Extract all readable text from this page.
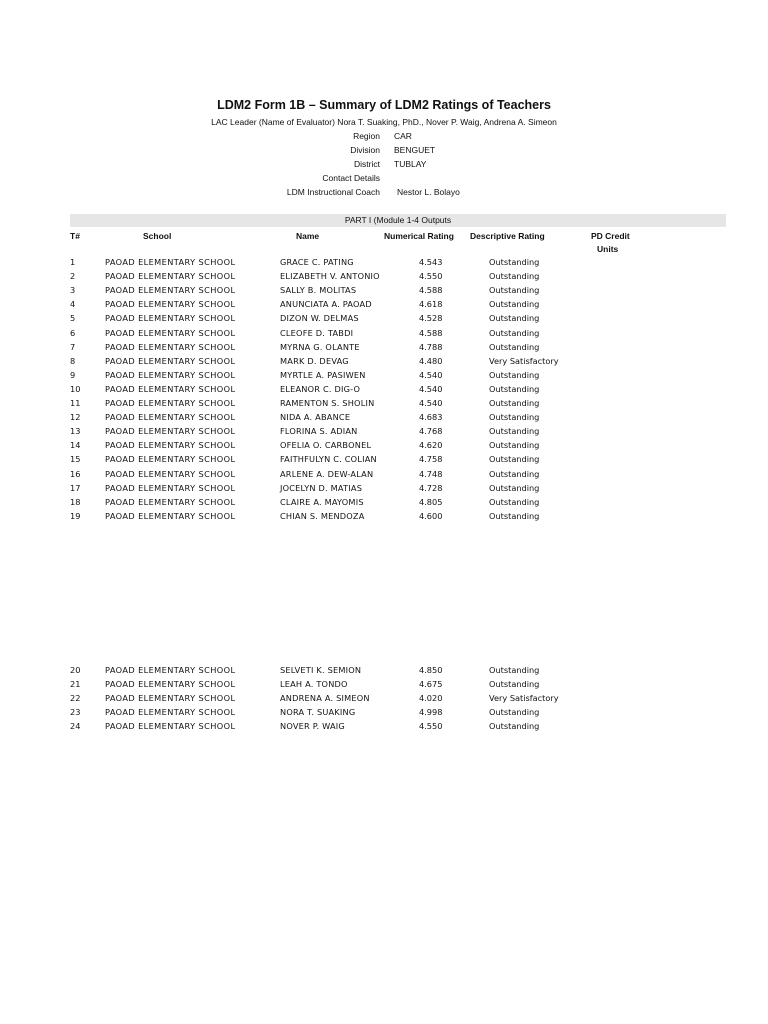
LDM2 Form 1B – Summary of LDM2 Ratings of Teachers
LAC Leader (Name of Evaluator) Nora T. Suaking, PhD., Nover P. Waig, Andrena A. Simeon
Region CAR
Division BENGUET
District TUBLAY
Contact Details
LDM Instructional Coach Nestor L. Bolayo
PART I (Module 1-4 Outputs
T#	School	Name	Numerical Rating Descriptive Rating	PD Credit
Units
1	PAOAD ELEMENTARY SCHOOL	GRACE C. PATING	4.543	Outstanding
2	PAOAD ELEMENTARY SCHOOL	ELIZABETH V. ANTONIO	4.550	Outstanding
3	PAOAD ELEMENTARY SCHOOL	SALLY B. MOLITAS	4.588	Outstanding
4	PAOAD ELEMENTARY SCHOOL	ANUNCIATA A. PAOAD	4.618	Outstanding
5	PAOAD ELEMENTARY SCHOOL	DIZON W. DELMAS	4.528	Outstanding
6	PAOAD ELEMENTARY SCHOOL	CLEOFE D. TABDI	4.588	Outstanding
7	PAOAD ELEMENTARY SCHOOL	MYRNA G. OLANTE	4.788	Outstanding
8	PAOAD ELEMENTARY SCHOOL	MARK D. DEVAG	4.480	Very Satisfactory
9	PAOAD ELEMENTARY SCHOOL	MYRTLE A. PASIWEN	4.540	Outstanding
10	PAOAD ELEMENTARY SCHOOL	ELEANOR C. DIG-O	4.540	Outstanding
11	PAOAD ELEMENTARY SCHOOL	RAMENTON S. SHOLIN	4.540	Outstanding
12	PAOAD ELEMENTARY SCHOOL	NIDA A. ABANCE	4.683	Outstanding
13	PAOAD ELEMENTARY SCHOOL	FLORINA S. ADIAN	4.768	Outstanding
14	PAOAD ELEMENTARY SCHOOL	OFELIA O. CARBONEL	4.620	Outstanding
15	PAOAD ELEMENTARY SCHOOL	FAITHFULYN C. COLIAN	4.758	Outstanding
16	PAOAD ELEMENTARY SCHOOL	ARLENE A. DEW-ALAN	4.748	Outstanding
17	PAOAD ELEMENTARY SCHOOL	JOCELYN D. MATIAS	4.728	Outstanding
18	PAOAD ELEMENTARY SCHOOL	CLAIRE A. MAYOMIS	4.805	Outstanding
19	PAOAD ELEMENTARY SCHOOL	CHIAN S. MENDOZA	4.600	Outstanding
20	PAOAD ELEMENTARY SCHOOL	SELVETI K. SEMION	4.850	Outstanding
21	PAOAD ELEMENTARY SCHOOL	LEAH A. TONDO	4.675	Outstanding
22	PAOAD ELEMENTARY SCHOOL	ANDRENA A. SIMEON	4.020	Very Satisfactory
23	PAOAD ELEMENTARY SCHOOL	NORA T. SUAKING	4.998	Outstanding
24	PAOAD ELEMENTARY SCHOOL	NOVER P. WAIG	4.550	Outstanding
